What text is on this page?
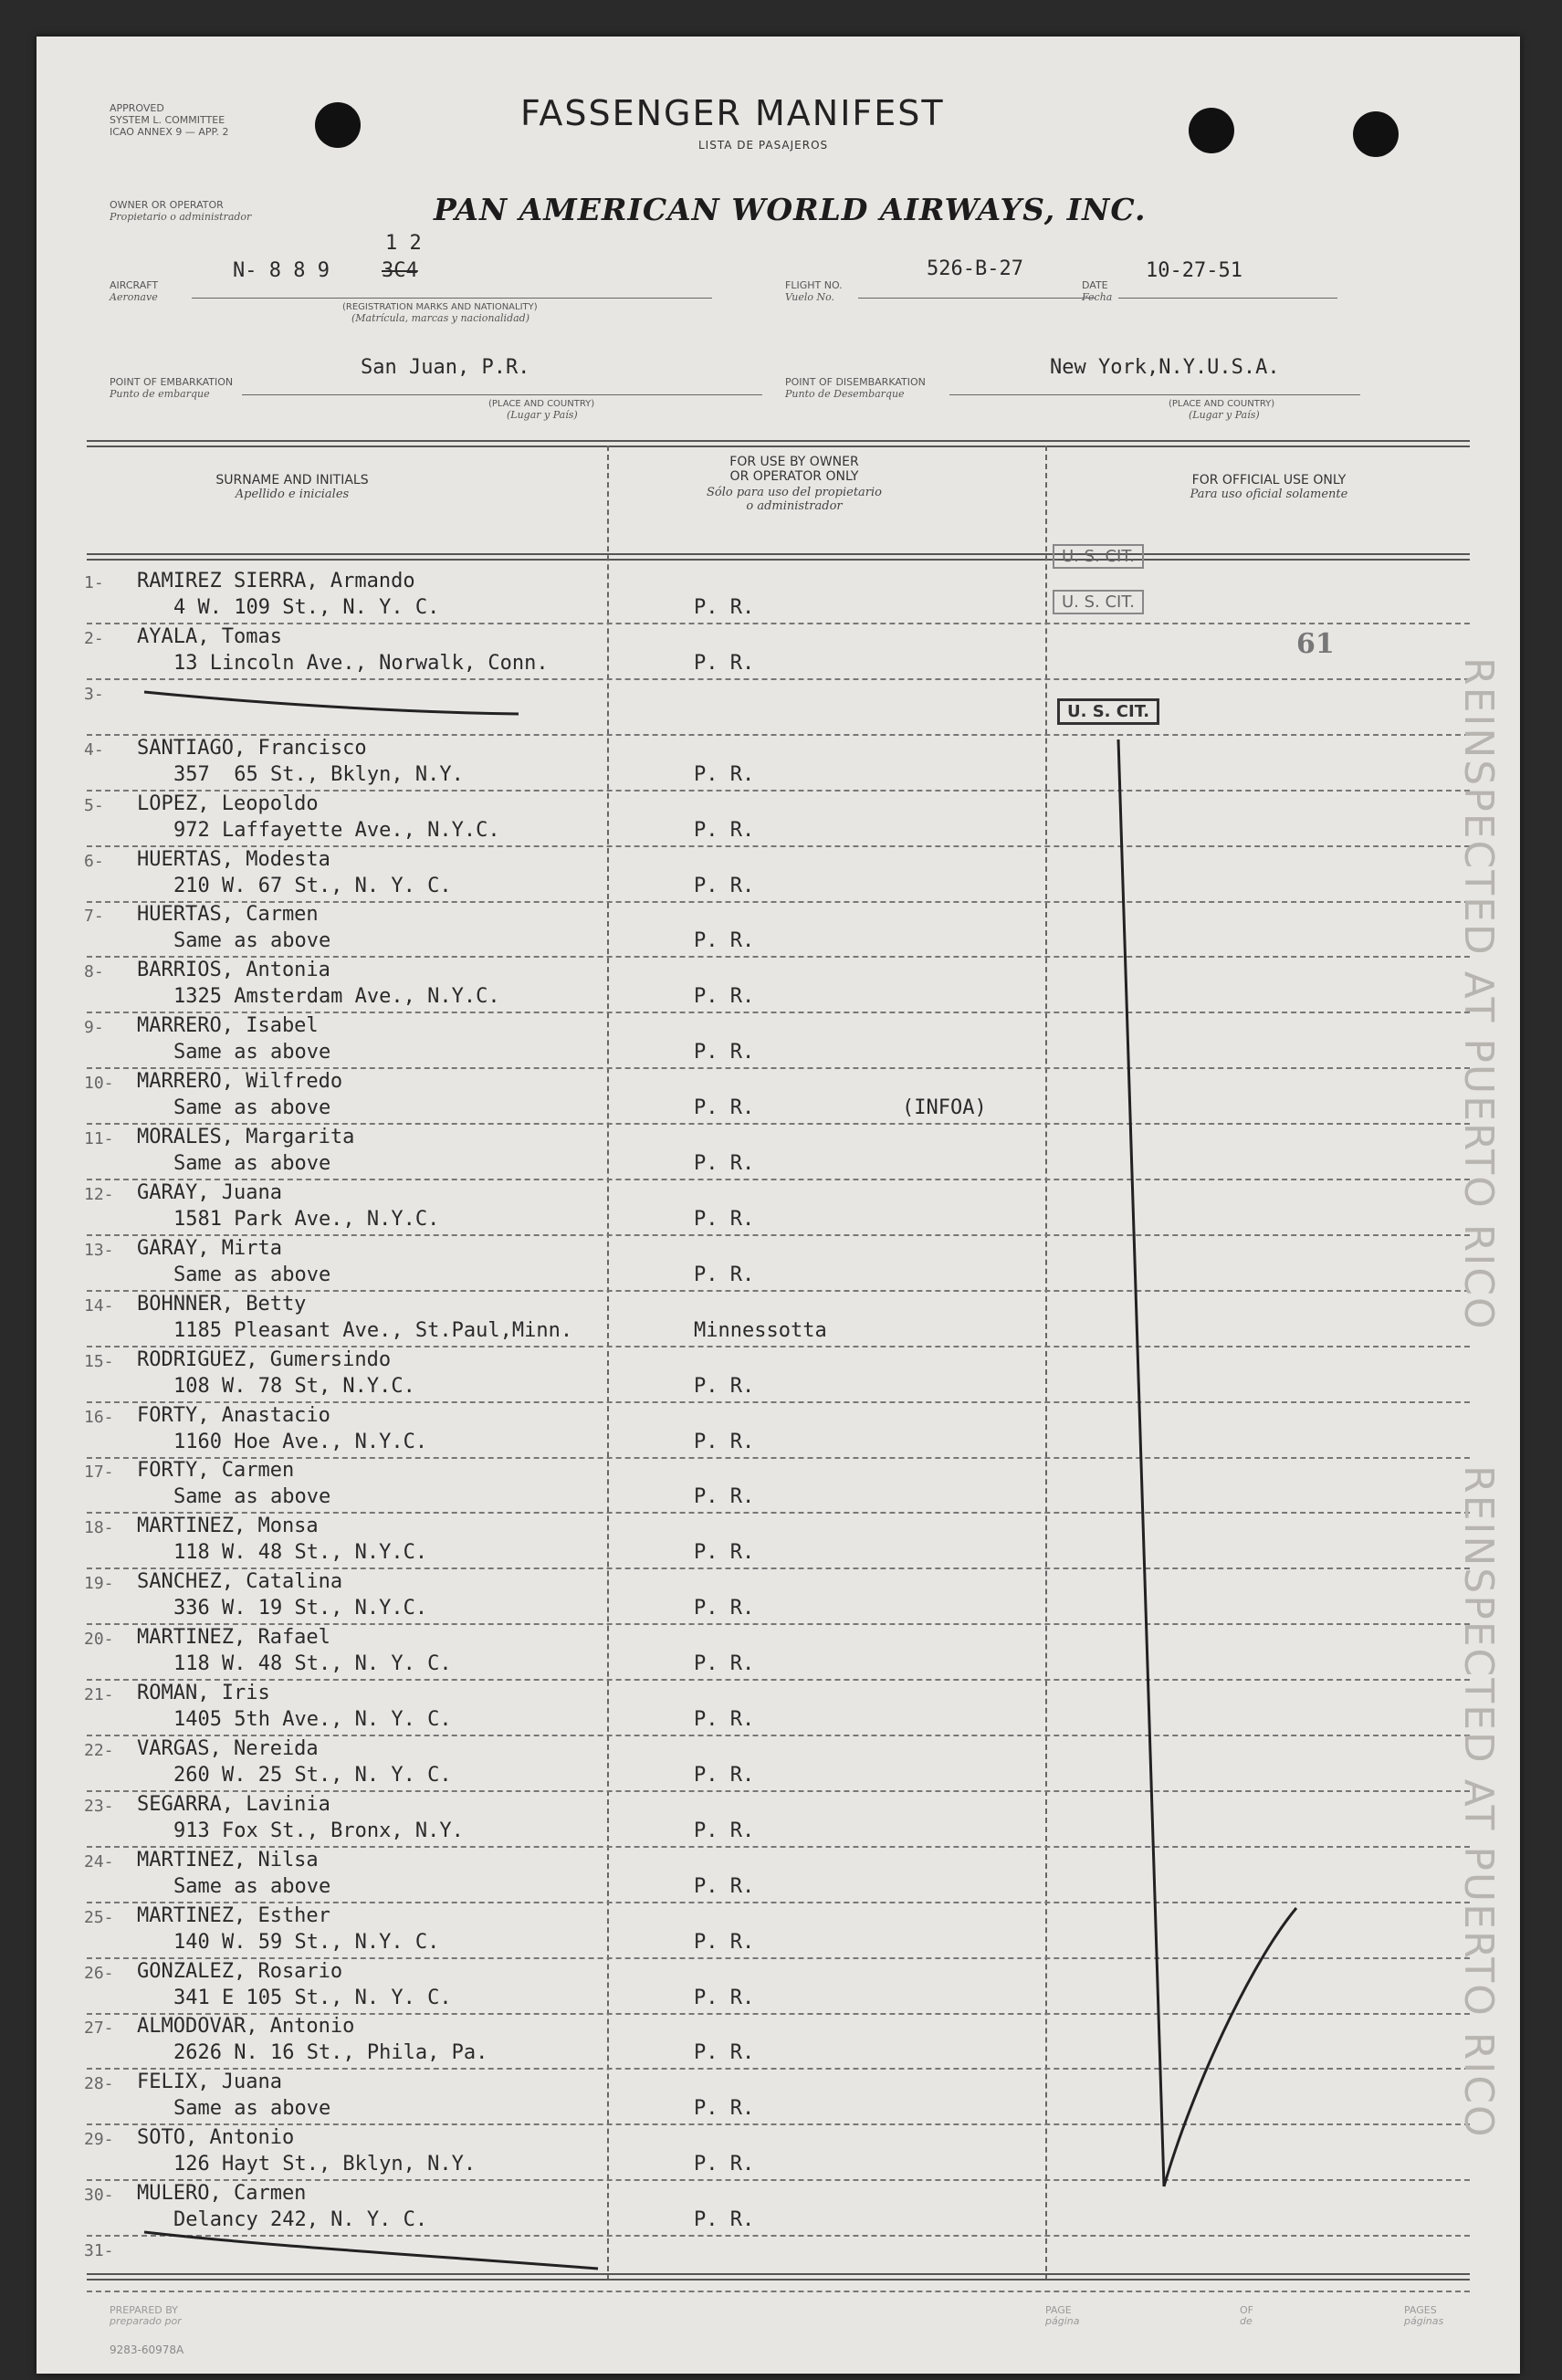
APPROVED
SYSTEM L. COMMITTEE
ICAO ANNEX 9 — APP. 2	FASSENGER MANIFEST
LISTA DE PASAJEROS
OWNER OR OPERATOR
Propietario o administrador	PAN AMERICAN WORLD AIRWAYS, INC.
AIRCRAFT
Aeronave
N- 8 8 9	3C4
1 2
(REGISTRATION MARKS AND NATIONALITY)
(Matrícula, marcas y nacionalidad)
FLIGHT NO.
Vuelo No.
526-B-27
DATE
Fecha
10-27-51
POINT OF EMBARKATION
Punto de embarque
San Juan, P.R.
(PLACE AND COUNTRY)
(Lugar y País)
POINT OF DISEMBARKATION
Punto de Desembarque
New York,N.Y.U.S.A.
(PLACE AND COUNTRY)
(Lugar y País)
SURNAME AND INITIALS
Apellido e iniciales
FOR USE BY OWNER
OR OPERATOR ONLY
Sólo para uso del propietario
o administrador
FOR OFFICIAL USE ONLY
Para uso oficial solamente
1- RAMIREZ SIERRA, Armando
4 W. 109 St., N. Y. C.	P. R.
2- AYALA, Tomas
13 Lincoln Ave., Norwalk, Conn.	P. R.
3-
4- SANTIAGO, Francisco
357  65 St., Bklyn, N.Y.	P. R.
5- LOPEZ, Leopoldo
972 Laffayette Ave., N.Y.C.	P. R.
6- HUERTAS, Modesta
210 W. 67 St., N. Y. C.	P. R.
7- HUERTAS, Carmen
Same as above	P. R.
8- BARRIOS, Antonia
1325 Amsterdam Ave., N.Y.C.	P. R.
9- MARRERO, Isabel
Same as above	P. R.
10- MARRERO, Wilfredo
Same as above	P. R.	(INFOA)
11- MORALES, Margarita
Same as above	P. R.
12- GARAY, Juana
1581 Park Ave., N.Y.C.	P. R.
13- GARAY, Mirta
Same as above	P. R.
14- BOHNNER, Betty
1185 Pleasant Ave., St.Paul,Minn.	Minnessotta
15- RODRIGUEZ, Gumersindo
108 W. 78 St, N.Y.C.	P. R.
16- FORTY, Anastacio
1160 Hoe Ave., N.Y.C.	P. R.
17- FORTY, Carmen
Same as above	P. R.
18- MARTINEZ, Monsa
118 W. 48 St., N.Y.C.	P. R.
19- SANCHEZ, Catalina
336 W. 19 St., N.Y.C.	P. R.
20- MARTINEZ, Rafael
118 W. 48 St., N. Y. C.	P. R.
21- ROMAN, Iris
1405 5th Ave., N. Y. C.	P. R.
22- VARGAS, Nereida
260 W. 25 St., N. Y. C.	P. R.
23- SEGARRA, Lavinia
913 Fox St., Bronx, N.Y.	P. R.
24- MARTINEZ, Nilsa
Same as above	P. R.
25- MARTINEZ, Esther
140 W. 59 St., N.Y. C.	P. R.
26- GONZALEZ, Rosario
341 E 105 St., N. Y. C.	P. R.
27- ALMODOVAR, Antonio
2626 N. 16 St., Phila, Pa.	P. R.
28- FELIX, Juana
Same as above	P. R.
29- SOTO, Antonio
126 Hayt St., Bklyn, N.Y.	P. R.
30- MULERO, Carmen
Delancy 242, N. Y. C.	P. R.
31-
U. S. CIT.
U. S. CIT.
U. S. CIT.
61
REINSPECTED AT PUERTO RICO
REINSPECTED AT PUERTO RICO
PREPARED BY
preparado por
PAGE
página
OF
de
PAGES
páginas
9283-60978A
